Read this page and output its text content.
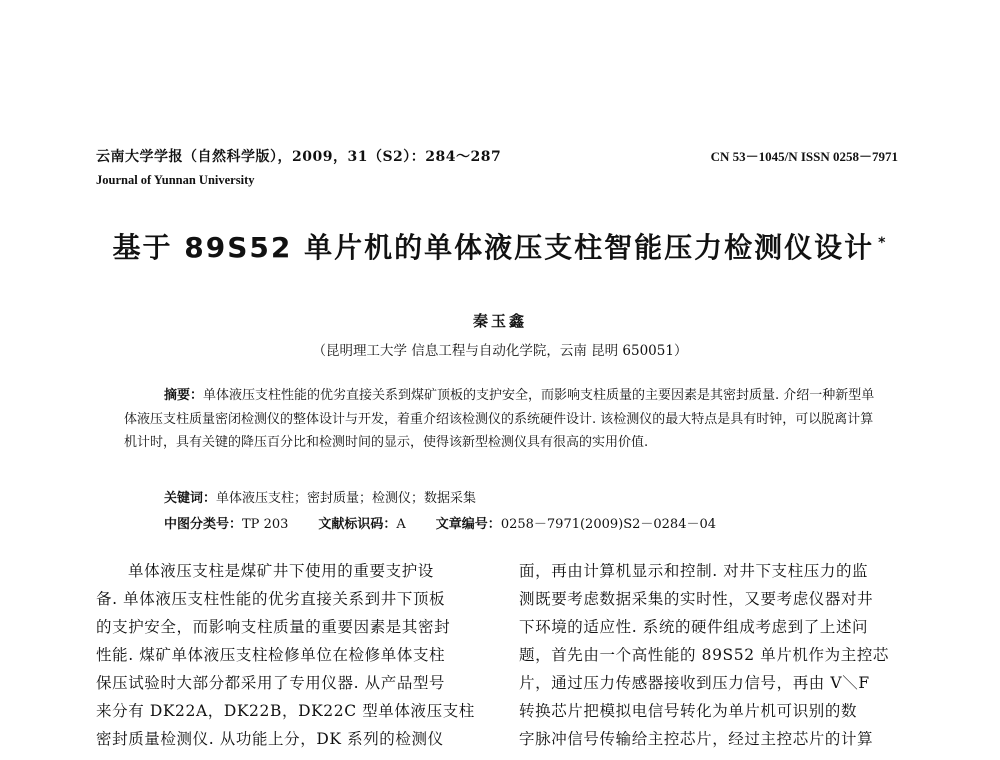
云南大学学报（自然科学版），2009，31（S2）：284～287
Journal of Yunnan University
CN 53－1045/N ISSN 0258－7971
基于 89S52 单片机的单体液压支柱智能压力检测仪设计 *
秦玉鑫
（昆明理工大学 信息工程与自动化学院，云南 昆明 650051）
摘要：单体液压支柱性能的优劣直接关系到煤矿顶板的支护安全，而影响支柱质量的主要因素是其密封质量. 介绍一种新型单体液压支柱质量密闭检测仪的整体设计与开发，着重介绍该检测仪的系统硬件设计. 该检测仪的最大特点是具有时钟，可以脱离计算机计时，具有关键的降压百分比和检测时间的显示，使得该新型检测仪具有很高的实用价值.
关键词：单体液压支柱；密封质量；检测仪；数据采集
中图分类号：TP 203 文献标识码：A 文章编号：0258－7971(2009)S2－0284－04
单体液压支柱是煤矿井下使用的重要支护设
备. 单体液压支柱性能的优劣直接关系到井下顶板
的支护安全，而影响支柱质量的重要因素是其密封
性能. 煤矿单体液压支柱检修单位在检修单体支柱
保压试验时大部分都采用了专用仪器. 从产品型号
来分有 DK22A，DK22B，DK22C 型单体液压支柱
密封质量检测仪. 从功能上分，DK 系列的检测仪
面，再由计算机显示和控制. 对井下支柱压力的监
测既要考虑数据采集的实时性，又要考虑仪器对井
下环境的适应性. 系统的硬件组成考虑到了上述问
题，首先由一个高性能的 89S52 单片机作为主控芯
片，通过压力传感器接收到压力信号，再由 V＼F
转换芯片把模拟电信号转化为单片机可识别的数
字脉冲信号传输给主控芯片，经过主控芯片的计算
